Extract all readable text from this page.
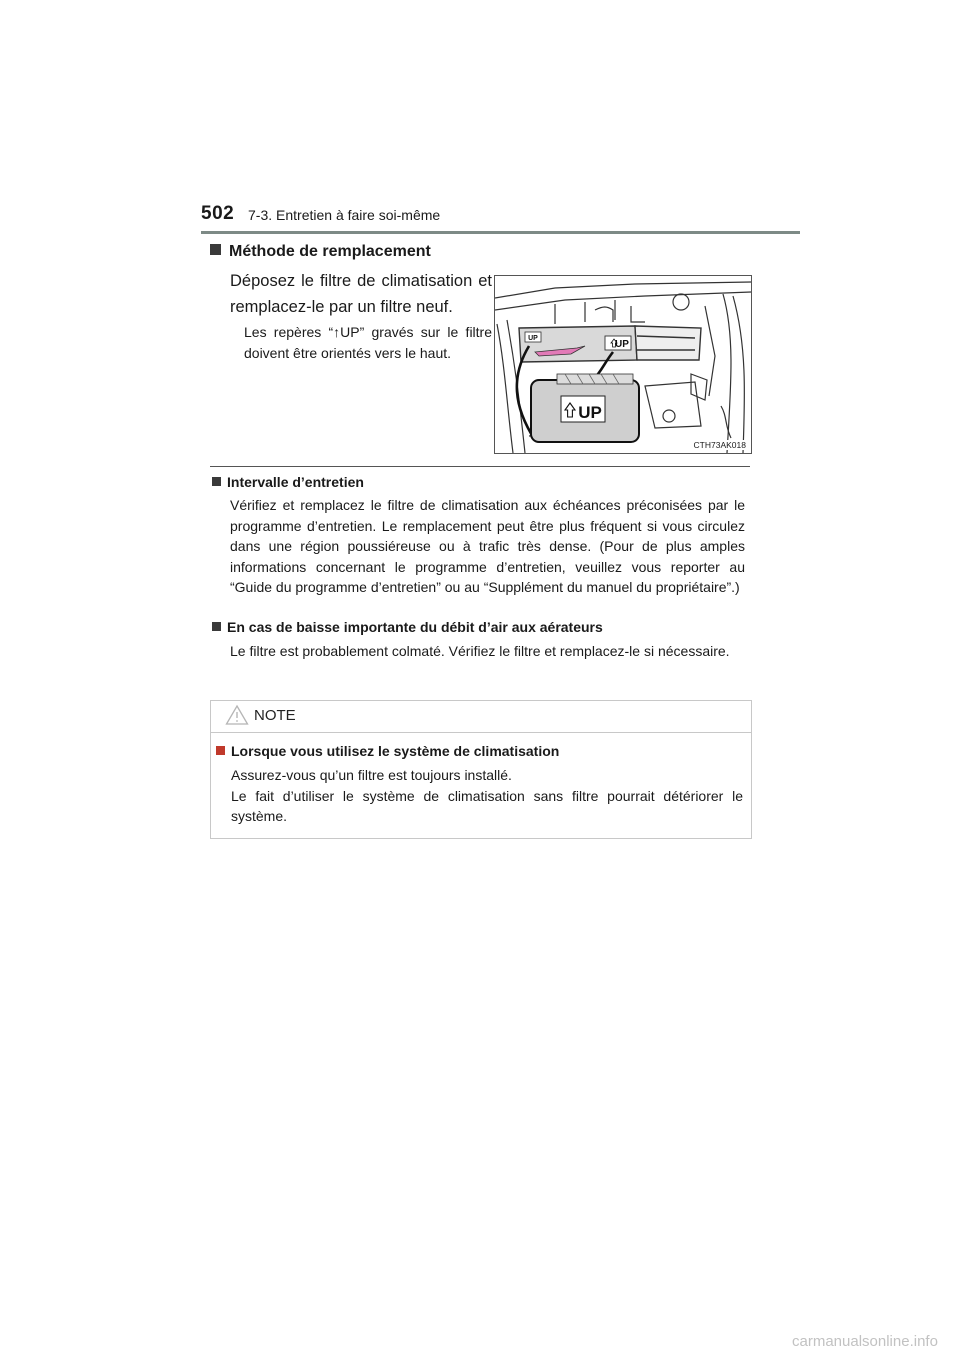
502 7-3. Entretien à faire soi-même
Méthode de remplacement
Déposez le filtre de climatisation et remplacez-le par un filtre neuf.
Les repères “↑UP” gravés sur le filtre doivent être orientés vers le haut.
UP
UP
UP
CTH73AK018
Intervalle d’entretien
Vérifiez et remplacez le filtre de climatisation aux échéances préconisées par le programme d’entretien. Le remplacement peut être plus fréquent si vous circulez dans une région poussiéreuse ou à trafic très dense. (Pour de plus amples informations concernant le programme d’entretien, veuillez vous reporter au “Guide du programme d’entretien” ou au “Supplément du manuel du propriétaire”.)
En cas de baisse importante du débit d’air aux aérateurs
Le filtre est probablement colmaté. Vérifiez le filtre et remplacez-le si nécessaire.
NOTE
Lorsque vous utilisez le système de climatisation

Assurez-vous qu’un filtre est toujours installé.

Le fait d’utiliser le système de climatisation sans filtre pourrait détériorer le système.

carmanualsonline.info
